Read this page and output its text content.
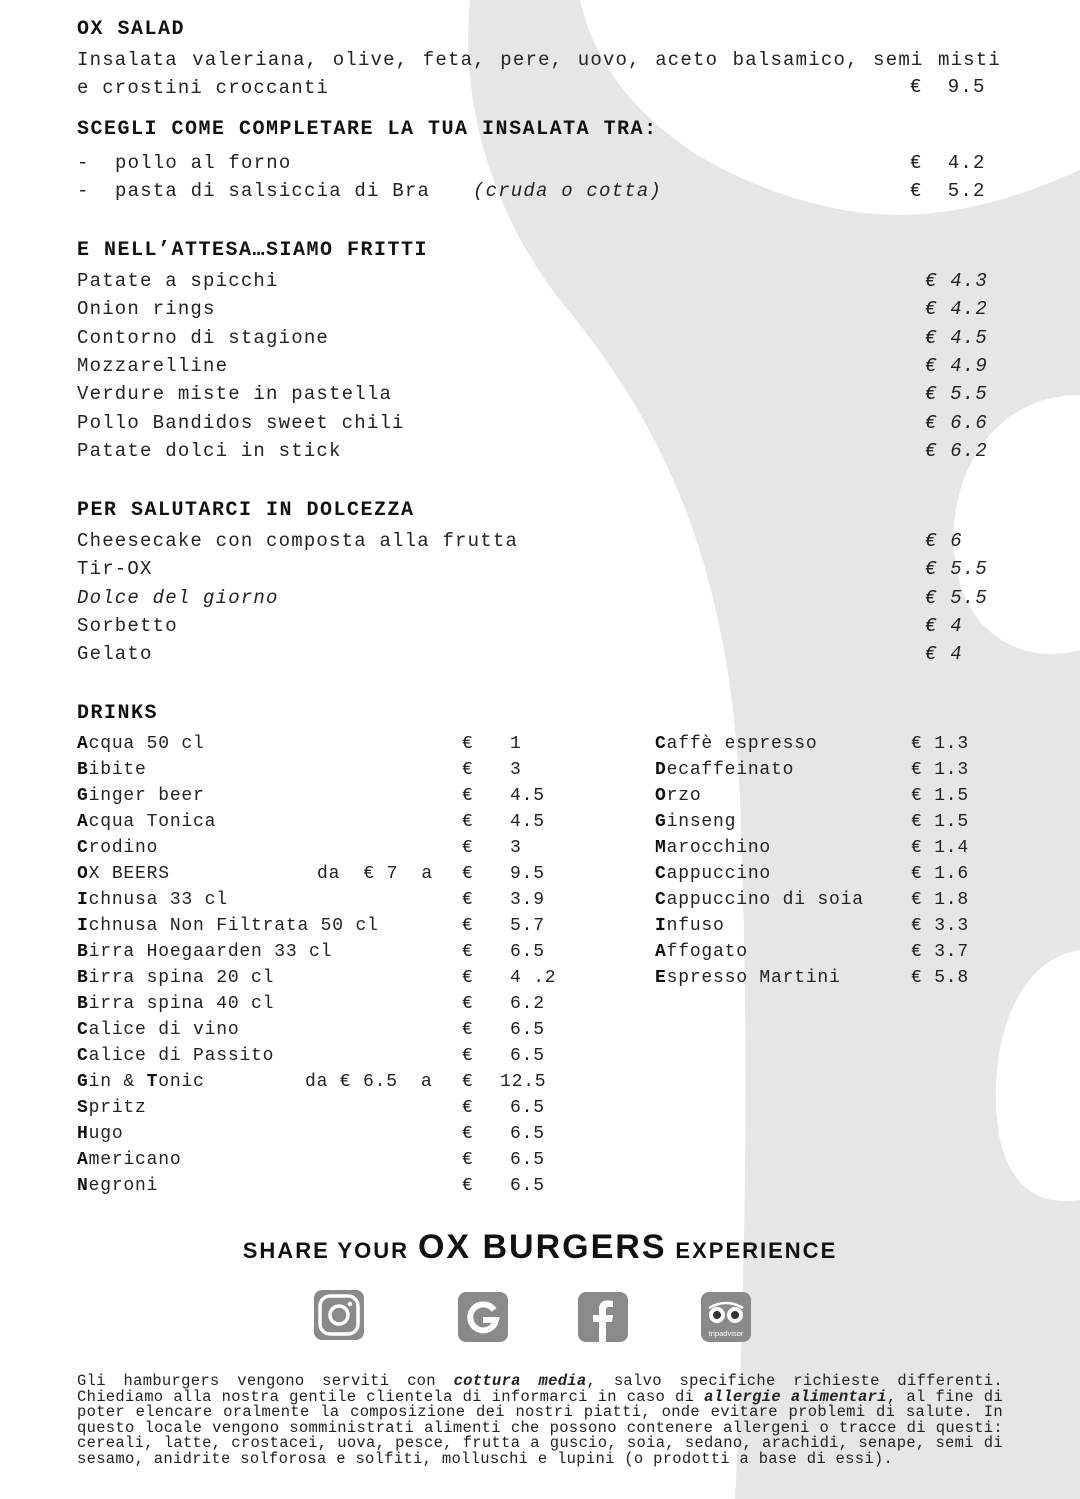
OX SALAD
Insalata valeriana, olive, feta, pere, uovo, aceto balsamico, semi misti e crostini croccanti	€  9.5
SCEGLI COME COMPLETARE LA TUA INSALATA TRA:
- pollo al forno	€  4.2
- pasta di salsiccia di Bra (cruda o cotta)	€  5.2
E NELL’ATTESA…SIAMO FRITTI
Patate a spicchi	€ 4.3
Onion rings	€ 4.2
Contorno di stagione	€ 4.5
Mozzarelline	€ 4.9
Verdure miste in pastella	€ 5.5
Pollo Bandidos sweet chili	€ 6.6
Patate dolci in stick	€ 6.2
PER SALUTARCI IN DOLCEZZA
Cheesecake con composta alla frutta	€ 6
Tir-OX	€ 5.5
Dolce del giorno	€ 5.5
Sorbetto	€ 4
Gelato	€ 4
DRINKS
Acqua 50 cl	€ 1
Bibite	€ 3
Ginger beer	€ 4.5
Acqua Tonica	€ 4.5
Crodino	€ 3
OX BEERS	da  € 7  a € 9.5
Ichnusa 33 cl	€ 3.9
Ichnusa Non Filtrata 50 cl	€ 5.7
Birra Hoegaarden 33 cl	€ 6.5
Birra spina 20 cl	€ 4 .2
Birra spina 40 cl	€ 6.2
Calice di vino	€ 6.5
Calice di Passito	€ 6.5
Gin & Tonic	da € 6.5  a € 12.5
Spritz	€ 6.5
Hugo	€ 6.5
Americano	€ 6.5
Negroni	€ 6.5
Caffè espresso	€ 1.3
Decaffeinato	€ 1.3
Orzo	€ 1.5
Ginseng	€ 1.5
Marocchino	€ 1.4
Cappuccino	€ 1.6
Cappuccino di soia	€ 1.8
Infuso	€ 3.3
Affogato	€ 3.7
Espresso Martini	€ 5.8
SHARE YOUR OX BURGERS EXPERIENCE
tripadvisor
Gli hamburgers vengono serviti con cottura media, salvo specifiche richieste differenti. Chiediamo alla nostra gentile clientela di informarci in caso di allergie alimentari, al fine di poter elencare oralmente la composizione dei nostri piatti, onde evitare problemi di salute. In questo locale vengono somministrati alimenti che possono contenere allergeni o tracce di questi: cereali, latte, crostacei, uova, pesce, frutta a guscio, soia, sedano, arachidi, senape, semi di sesamo, anidrite solforosa e solfiti, molluschi e lupini (o prodotti a base di essi).
